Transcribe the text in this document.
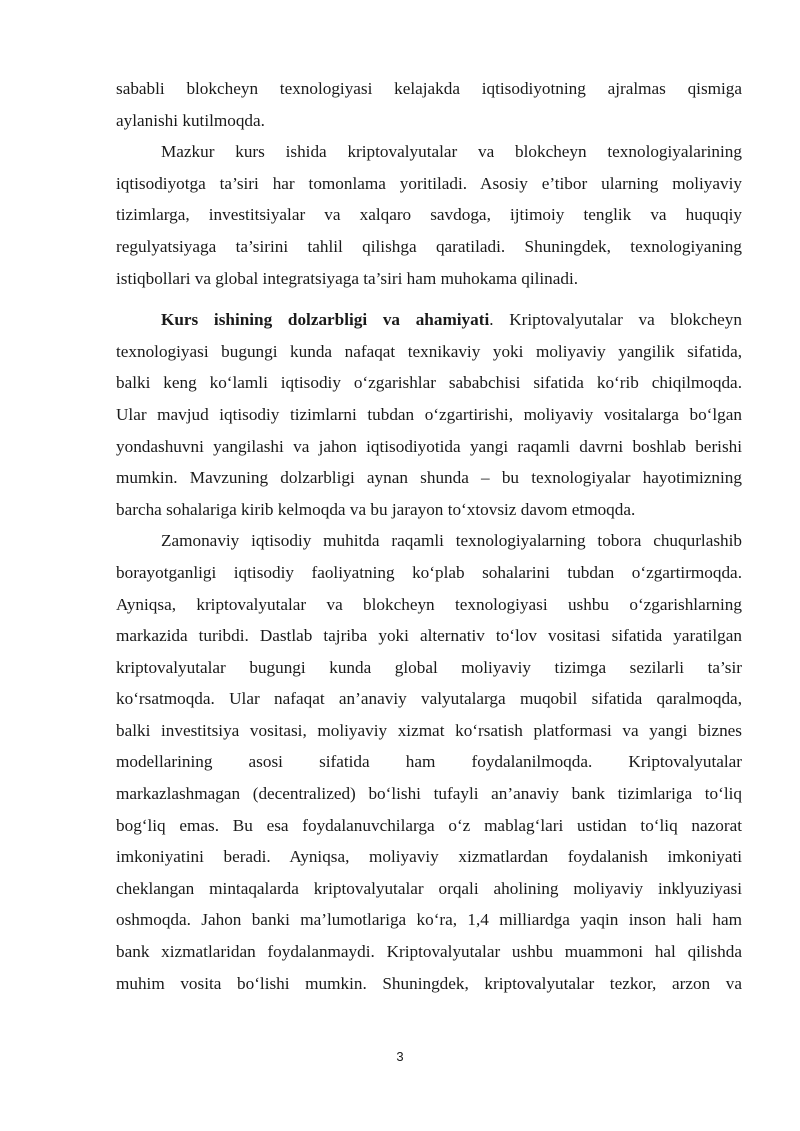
sababli blokcheyn texnologiyasi kelajakda iqtisodiyotning ajralmas qismiga
aylanishi kutilmoqda.
Mazkur kurs ishida kriptovalyutalar va blokcheyn texnologiyalarining
iqtisodiyotga ta’siri har tomonlama yoritiladi. Asosiy e’tibor ularning moliyaviy
tizimlarga, investitsiyalar va xalqaro savdoga, ijtimoiy tenglik va huquqiy
regulyatsiyaga ta’sirini tahlil qilishga qaratiladi. Shuningdek, texnologiyaning
istiqbollari va global integratsiyaga ta’siri ham muhokama qilinadi.
Kurs ishining dolzarbligi va ahamiyati. Kriptovalyutalar va blokcheyn
texnologiyasi bugungi kunda nafaqat texnikaviy yoki moliyaviy yangilik sifatida,
balki keng ko‘lamli iqtisodiy o‘zgarishlar sababchisi sifatida ko‘rib chiqilmoqda.
Ular mavjud iqtisodiy tizimlarni tubdan o‘zgartirishi, moliyaviy vositalarga bo‘lgan
yondashuvni yangilashi va jahon iqtisodiyotida yangi raqamli davrni boshlab berishi
mumkin. Mavzuning dolzarbligi aynan shunda – bu texnologiyalar hayotimizning
barcha sohalariga kirib kelmoqda va bu jarayon to‘xtovsiz davom etmoqda.
Zamonaviy iqtisodiy muhitda raqamli texnologiyalarning tobora chuqurlashib
borayotganligi iqtisodiy faoliyatning ko‘plab sohalarini tubdan o‘zgartirmoqda.
Ayniqsa, kriptovalyutalar va blokcheyn texnologiyasi ushbu o‘zgarishlarning
markazida turibdi. Dastlab tajriba yoki alternativ to‘lov vositasi sifatida yaratilgan
kriptovalyutalar bugungi kunda global moliyaviy tizimga sezilarli ta’sir
ko‘rsatmoqda. Ular nafaqat an’anaviy valyutalarga muqobil sifatida qaralmoqda,
balki investitsiya vositasi, moliyaviy xizmat ko‘rsatish platformasi va yangi biznes
modellarining asosi sifatida ham foydalanilmoqda. Kriptovalyutalar
markazlashmagan (decentralized) bo‘lishi tufayli an’anaviy bank tizimlariga to‘liq
bog‘liq emas. Bu esa foydalanuvchilarga o‘z mablag‘lari ustidan to‘liq nazorat
imkoniyatini beradi. Ayniqsa, moliyaviy xizmatlardan foydalanish imkoniyati
cheklangan mintaqalarda kriptovalyutalar orqali aholining moliyaviy inklyuziyasi
oshmoqda. Jahon banki ma’lumotlariga ko‘ra, 1,4 milliardga yaqin inson hali ham
bank xizmatlaridan foydalanmaydi. Kriptovalyutalar ushbu muammoni hal qilishda
muhim vosita bo‘lishi mumkin. Shuningdek, kriptovalyutalar tezkor, arzon va
3
